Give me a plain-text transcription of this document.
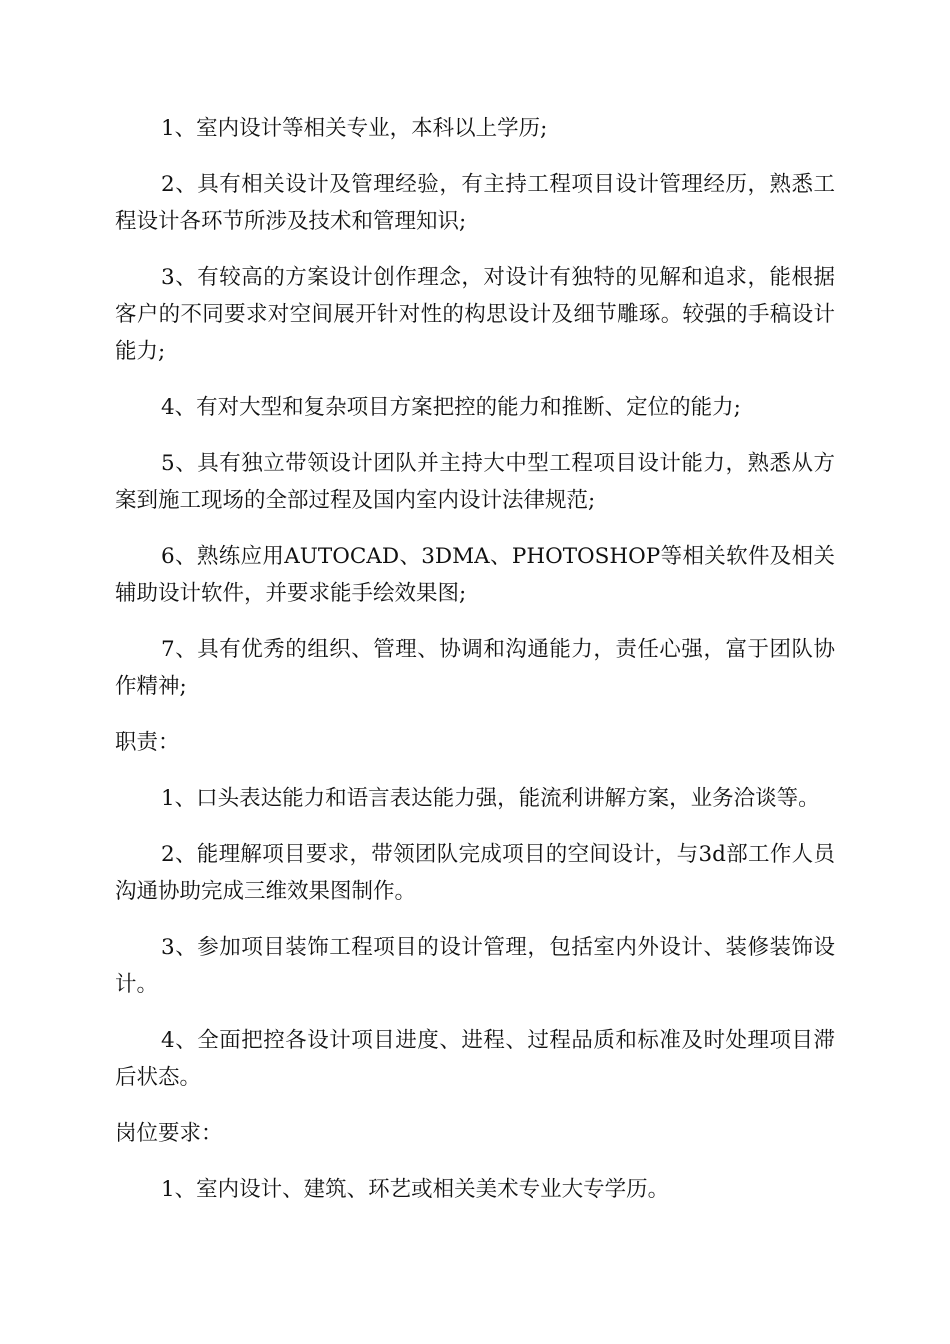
1、室内设计等相关专业，本科以上学历;

2、具有相关设计及管理经验，有主持工程项目设计管理经历，熟悉工程设计各环节所涉及技术和管理知识;

3、有较高的方案设计创作理念，对设计有独特的见解和追求，能根据客户的不同要求对空间展开针对性的构思设计及细节雕琢。较强的手稿设计能力;

4、有对大型和复杂项目方案把控的能力和推断、定位的能力;

5、具有独立带领设计团队并主持大中型工程项目设计能力，熟悉从方案到施工现场的全部过程及国内室内设计法律规范;

6、熟练应用AUTOCAD、3DMA、PHOTOSHOP等相关软件及相关辅助设计软件，并要求能手绘效果图;

7、具有优秀的组织、管理、协调和沟通能力，责任心强，富于团队协作精神;

职责：

1、口头表达能力和语言表达能力强，能流利讲解方案，业务洽谈等。

2、能理解项目要求，带领团队完成项目的空间设计，与3d部工作人员沟通协助完成三维效果图制作。

3、参加项目装饰工程项目的设计管理，包括室内外设计、装修装饰设计。

4、全面把控各设计项目进度、进程、过程品质和标准及时处理项目滞后状态。

岗位要求：

1、室内设计、建筑、环艺或相关美术专业大专学历。
